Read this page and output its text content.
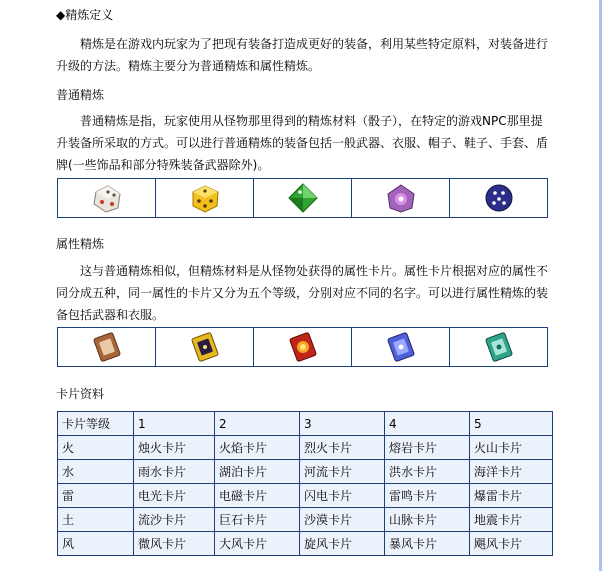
◆精炼定义
精炼是在游戏内玩家为了把现有装备打造成更好的装备，利用某些特定原料，对装备进行升级的方法。精炼主要分为普通精炼和属性精炼。
普通精炼
普通精炼是指，玩家使用从怪物那里得到的精炼材料（骰子），在特定的游戏NPC那里提升装备所采取的方式。可以进行普通精炼的装备包括一般武器、衣服、帽子、鞋子、手套、盾牌(一些饰品和部分特殊装备武器除外)。

属性精炼
这与普通精炼相似，但精炼材料是从怪物处获得的属性卡片。属性卡片根据对应的属性不同分成五种，同一属性的卡片又分为五个等级，分别对应不同的名字。可以进行属性精炼的装备包括武器和衣服。

卡片资料
卡片等级	1	2	3	4	5
火	烛火卡片	火焰卡片	烈火卡片	熔岩卡片	火山卡片
水	雨水卡片	湖泊卡片	河流卡片	洪水卡片	海洋卡片
雷	电光卡片	电磁卡片	闪电卡片	雷鸣卡片	爆雷卡片
土	流沙卡片	巨石卡片	沙漠卡片	山脉卡片	地震卡片
风	微风卡片	大风卡片	旋风卡片	暴风卡片	飓风卡片
